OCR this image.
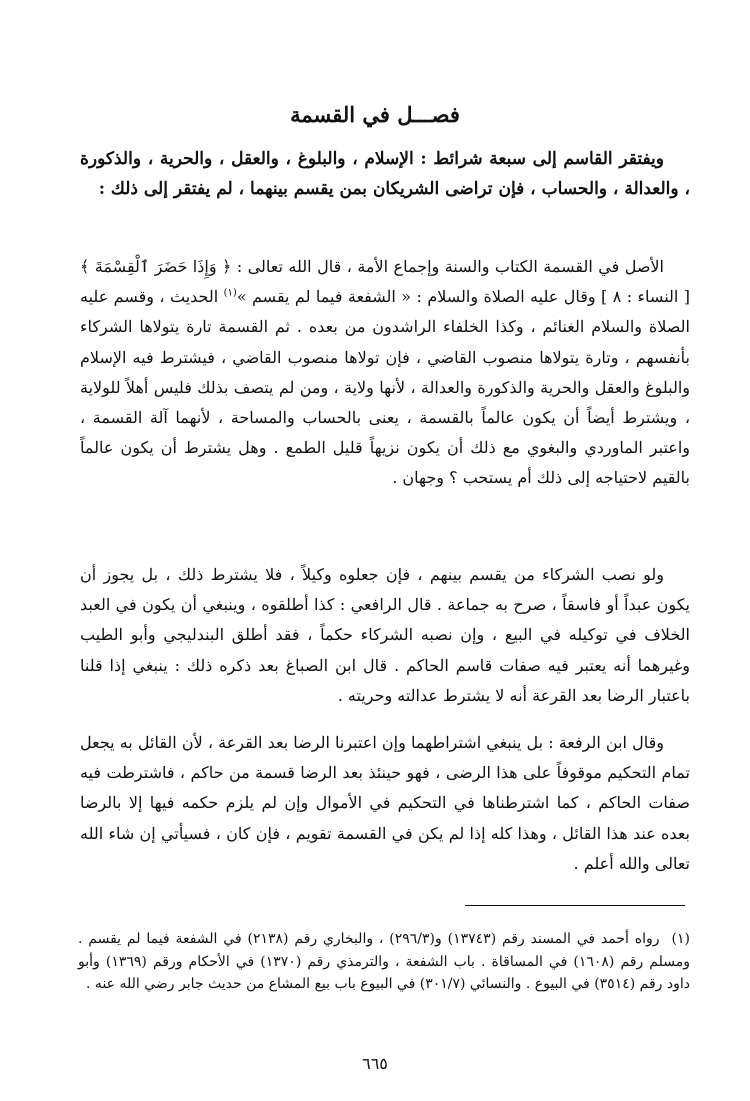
فصـــل في القسمة
ويفتقر القاسم إلى سبعة شرائط : الإسلام ، والبلوغ ، والعقل ، والحرية ، والذكورة ، والعدالة ، والحساب ، فإن تراضى الشريكان بمن يقسم بينهما ، لم يفتقر إلى ذلك :
الأصل في القسمة الكتاب والسنة وإجماع الأمة ، قال الله تعالى : ﴿ وَإِذَا حَضَرَ ٱلْقِسْمَةَ ﴾ [ النساء : ٨ ] وقال عليه الصلاة والسلام : « الشفعة فيما لم يقسم »$^{(١)}$ الحديث ، وقسم عليه الصلاة والسلام الغنائم ، وكذا الخلفاء الراشدون من بعده . ثم القسمة تارة يتولاها الشركاء بأنفسهم ، وتارة يتولاها منصوب القاضي ، فإن تولاها منصوب القاضي ، فيشترط فيه الإسلام والبلوغ والعقل والحرية والذكورة والعدالة ، لأنها ولاية ، ومن لم يتصف بذلك فليس أهلاً للولاية ، ويشترط أيضاً أن يكون عالماً بالقسمة ، يعنى بالحساب والمساحة ، لأنهما آلة القسمة ، واعتبر الماوردي والبغوي مع ذلك أن يكون نزيهاً قليل الطمع . وهل يشترط أن يكون عالماً بالقيم لاحتياجه إلى ذلك أم يستحب ؟ وجهان .
ولو نصب الشركاء من يقسم بينهم ، فإن جعلوه وكيلاً ، فلا يشترط ذلك ، بل يجوز أن يكون عبداً أو فاسقاً ، صرح به جماعة . قال الرافعي : كذا أطلقوه ، وينبغي أن يكون في العبد الخلاف في توكيله في البيع ، وإن نصبه الشركاء حكماً ، فقد أطلق البندليجي وأبو الطيب وغيرهما أنه يعتبر فيه صفات قاسم الحاكم . قال ابن الصباغ بعد ذكره ذلك : ينبغي إذا قلنا باعتبار الرضا بعد القرعة أنه لا يشترط عدالته وحريته .
وقال ابن الرفعة : بل ينبغي اشتراطهما وإن اعتبرنا الرضا بعد القرعة ، لأن القائل به يجعل تمام التحكيم موقوفاً على هذا الرضى ، فهو حينئذ بعد الرضا قسمة من حاكم ، فاشترطت فيه صفات الحاكم ، كما اشترطناها في التحكيم في الأموال وإن لم يلزم حكمه فيها إلا بالرضا بعده عند هذا القائل ، وهذا كله إذا لم يكن في القسمة تقويم ، فإن كان ، فسيأتي إن شاء الله تعالى والله أعلم .
(١)رواه أحمد في المسند رقم (١٣٧٤٣) و(٢٩٦/٣) ، والبخاري رقم (٢١٣٨) في الشفعة فيما لم يقسم . ومسلم رقم (١٦٠٨) في المساقاة . باب الشفعة ، والترمذي رقم (١٣٧٠) في الأحكام ورقم (١٣٦٩) وأبو داود رقم (٣٥١٤) في البيوع . والنسائي (٣٠١/٧) في البيوع باب بيع المشاع من حديث جابر رضي الله عنه .
٦٦٥
